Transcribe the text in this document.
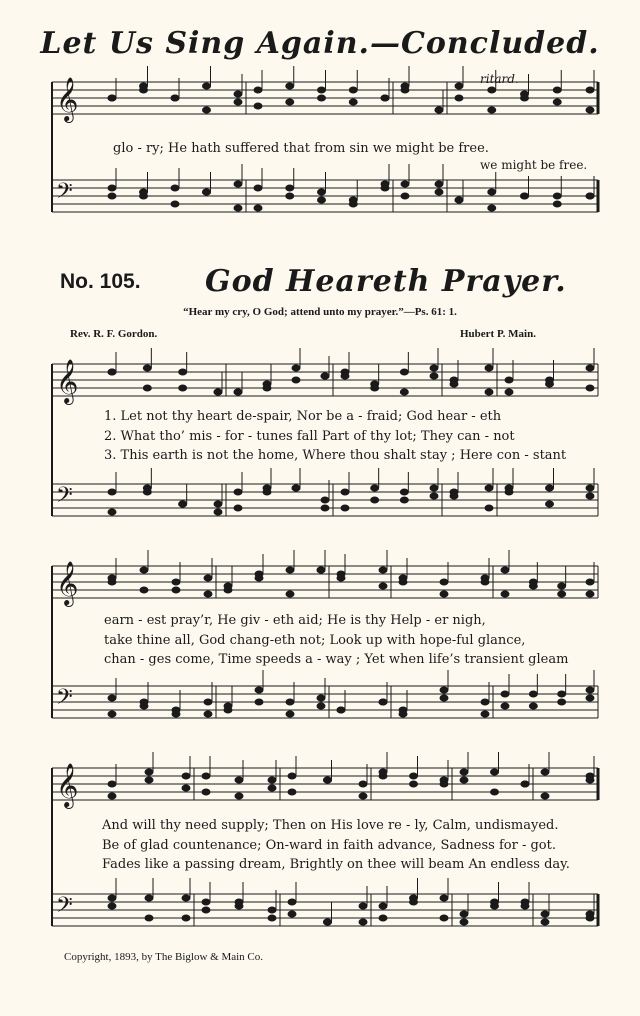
Let Us Sing Again.—Concluded.
ritard.
𝄞
𝄢
𝄞
𝄢
𝄞
𝄢
𝄞
𝄢
glo - ry; He hath suffered that from sin we might be free.
we might be free.
No. 105. God Heareth Prayer.
“Hear my cry, O God; attend unto my prayer.”—Ps. 61: 1.
Rev. R. F. Gordon.	Hubert P. Main.
1. Let not thy heart de-spair, Nor be a - fraid; God hear - eth
2. What tho’ mis - for - tunes fall Part of thy lot; They can - not
3. This earth is not the home, Where thou shalt stay ; Here con - stant
earn - est pray’r, He giv - eth aid; He is thy Help - er nigh,
take thine all, God chang-eth not; Look up with hope-ful glance,
chan - ges come, Time speeds a - way ; Yet when life’s transient gleam
And will thy need supply; Then on His love re - ly, Calm, undismayed.
Be of glad countenance; On-ward in faith advance, Sadness for - got.
Fades like a passing dream, Brightly on thee will beam An endless day.
Copyright, 1893, by The Biglow & Main Co.
